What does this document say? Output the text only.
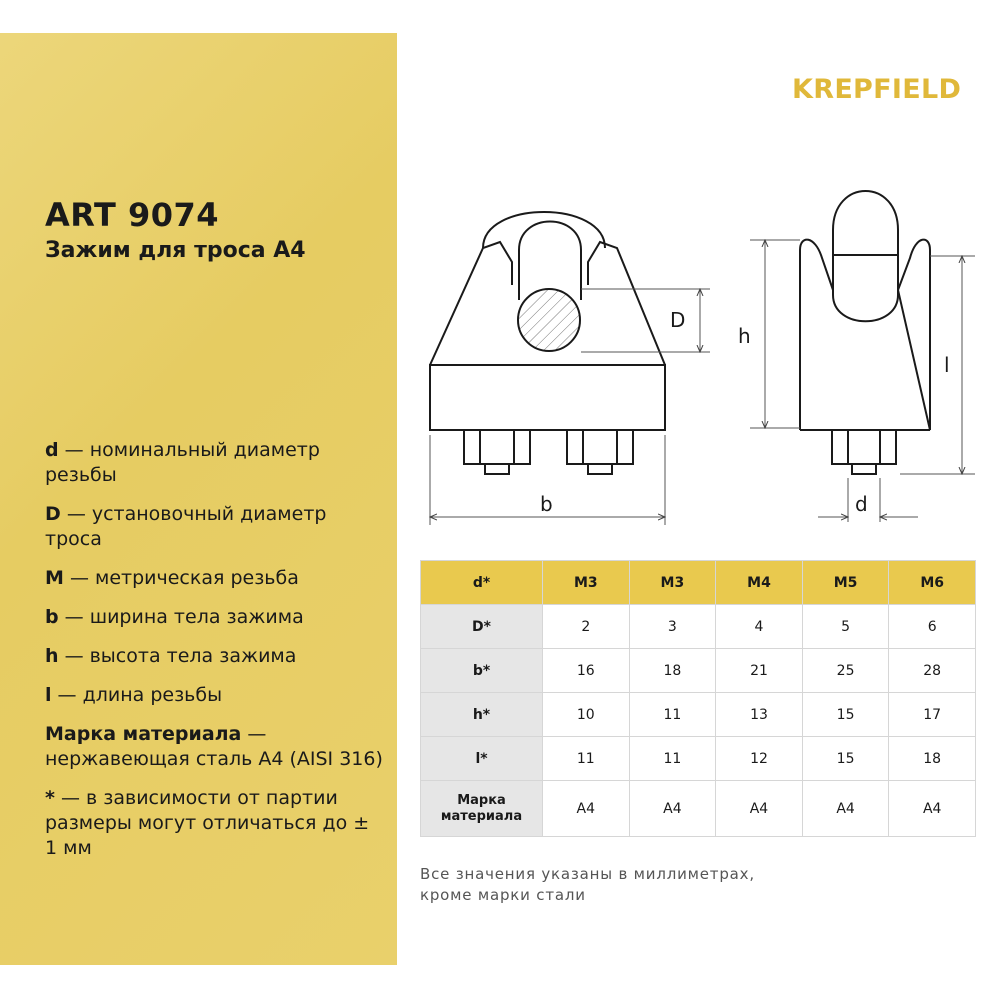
ART 9074
Зажим для троса А4
d — номинальный диаметр резьбы
D — установочный диаметр троса
M — метрическая резьба
b — ширина тела зажима
h — высота тела зажима
l — длина резьбы
Марка материала — нержавеющая сталь А4 (AISI 316)
* — в зависимости от партии размеры могут отличаться до ± 1 мм
KREPFIELD
D
b
h
l
d
d*	M3	M3	M4	M5	M6
D*	2	3	4	5	6
b*	16	18	21	25	28
h*	10	11	13	15	17
l*	11	11	12	15	18
Марка
материала	A4	A4	A4	A4	A4
Все значения указаны в миллиметрах,
кроме марки стали
